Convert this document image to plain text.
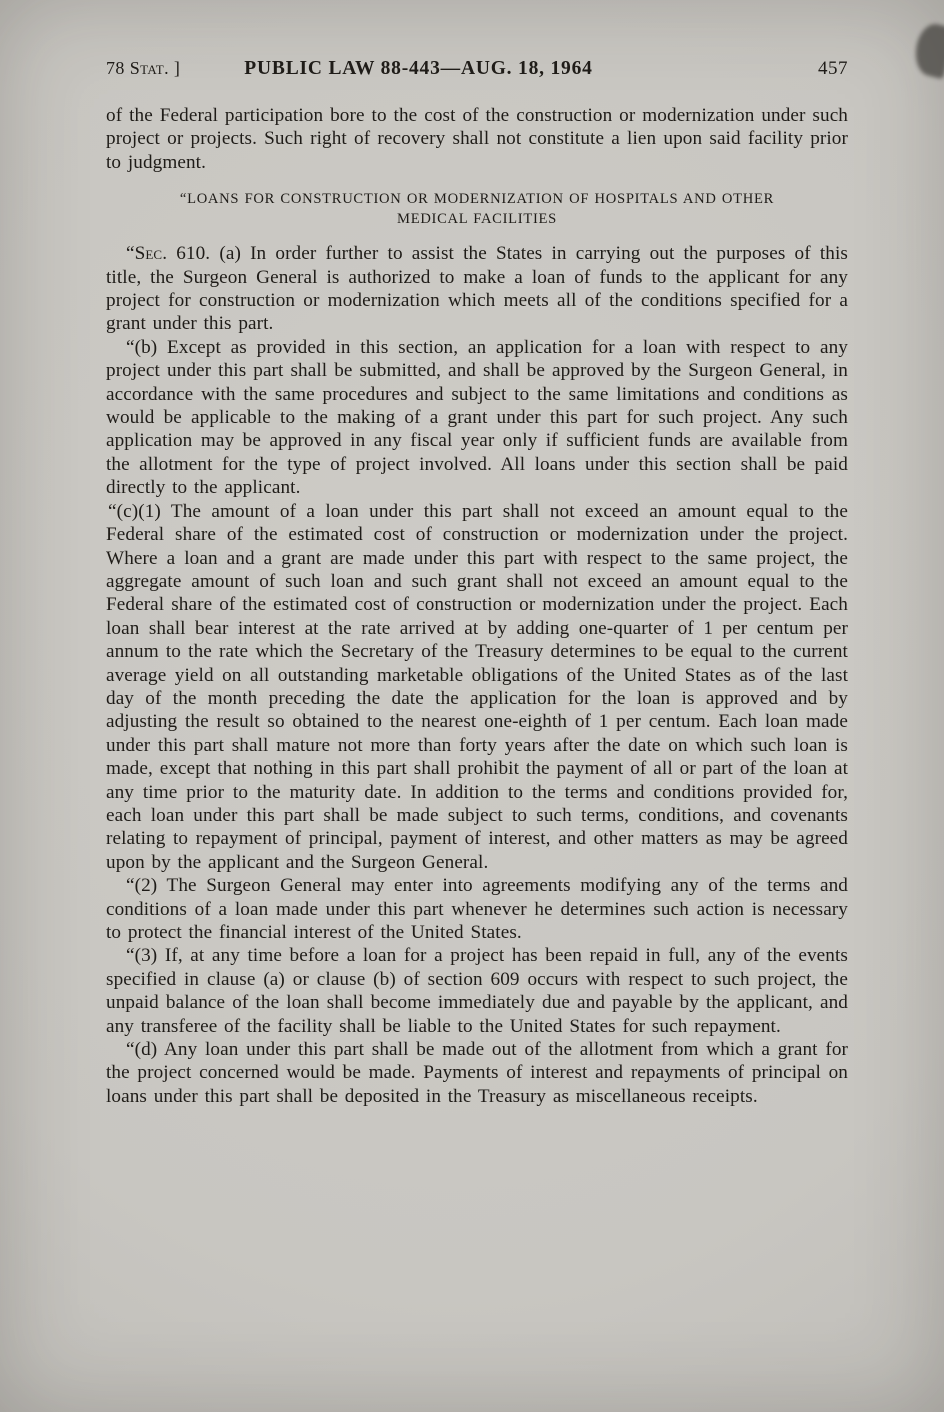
78 Stat. ]	PUBLIC LAW 88-443—AUG. 18, 1964	457

of the Federal participation bore to the cost of the construction or modernization under such project or projects. Such right of recovery shall not constitute a lien upon said facility prior to judgment.

“LOANS FOR CONSTRUCTION OR MODERNIZATION OF HOSPITALS AND OTHER
MEDICAL FACILITIES

“Sec. 610. (a) In order further to assist the States in carrying out the purposes of this title, the Surgeon General is authorized to make a loan of funds to the applicant for any project for construction or modernization which meets all of the conditions specified for a grant under this part.

“(b) Except as provided in this section, an application for a loan with respect to any project under this part shall be submitted, and shall be approved by the Surgeon General, in accordance with the same procedures and subject to the same limitations and conditions as would be applicable to the making of a grant under this part for such project. Any such application may be approved in any fiscal year only if sufficient funds are available from the allotment for the type of project involved. All loans under this section shall be paid directly to the applicant.

“(c)(1) The amount of a loan under this part shall not exceed an amount equal to the Federal share of the estimated cost of construction or modernization under the project. Where a loan and a grant are made under this part with respect to the same project, the aggregate amount of such loan and such grant shall not exceed an amount equal to the Federal share of the estimated cost of construction or modernization under the project. Each loan shall bear interest at the rate arrived at by adding one-quarter of 1 per centum per annum to the rate which the Secretary of the Treasury determines to be equal to the current average yield on all outstanding marketable obligations of the United States as of the last day of the month preceding the date the application for the loan is approved and by adjusting the result so obtained to the nearest one-eighth of 1 per centum. Each loan made under this part shall mature not more than forty years after the date on which such loan is made, except that nothing in this part shall prohibit the payment of all or part of the loan at any time prior to the maturity date. In addition to the terms and conditions provided for, each loan under this part shall be made subject to such terms, conditions, and covenants relating to repayment of principal, payment of interest, and other matters as may be agreed upon by the applicant and the Surgeon General.

“(2) The Surgeon General may enter into agreements modifying any of the terms and conditions of a loan made under this part whenever he determines such action is necessary to protect the financial interest of the United States.

“(3) If, at any time before a loan for a project has been repaid in full, any of the events specified in clause (a) or clause (b) of section 609 occurs with respect to such project, the unpaid balance of the loan shall become immediately due and payable by the applicant, and any transferee of the facility shall be liable to the United States for such repayment.

“(d) Any loan under this part shall be made out of the allotment from which a grant for the project concerned would be made. Payments of interest and repayments of principal on loans under this part shall be deposited in the Treasury as miscellaneous receipts.
